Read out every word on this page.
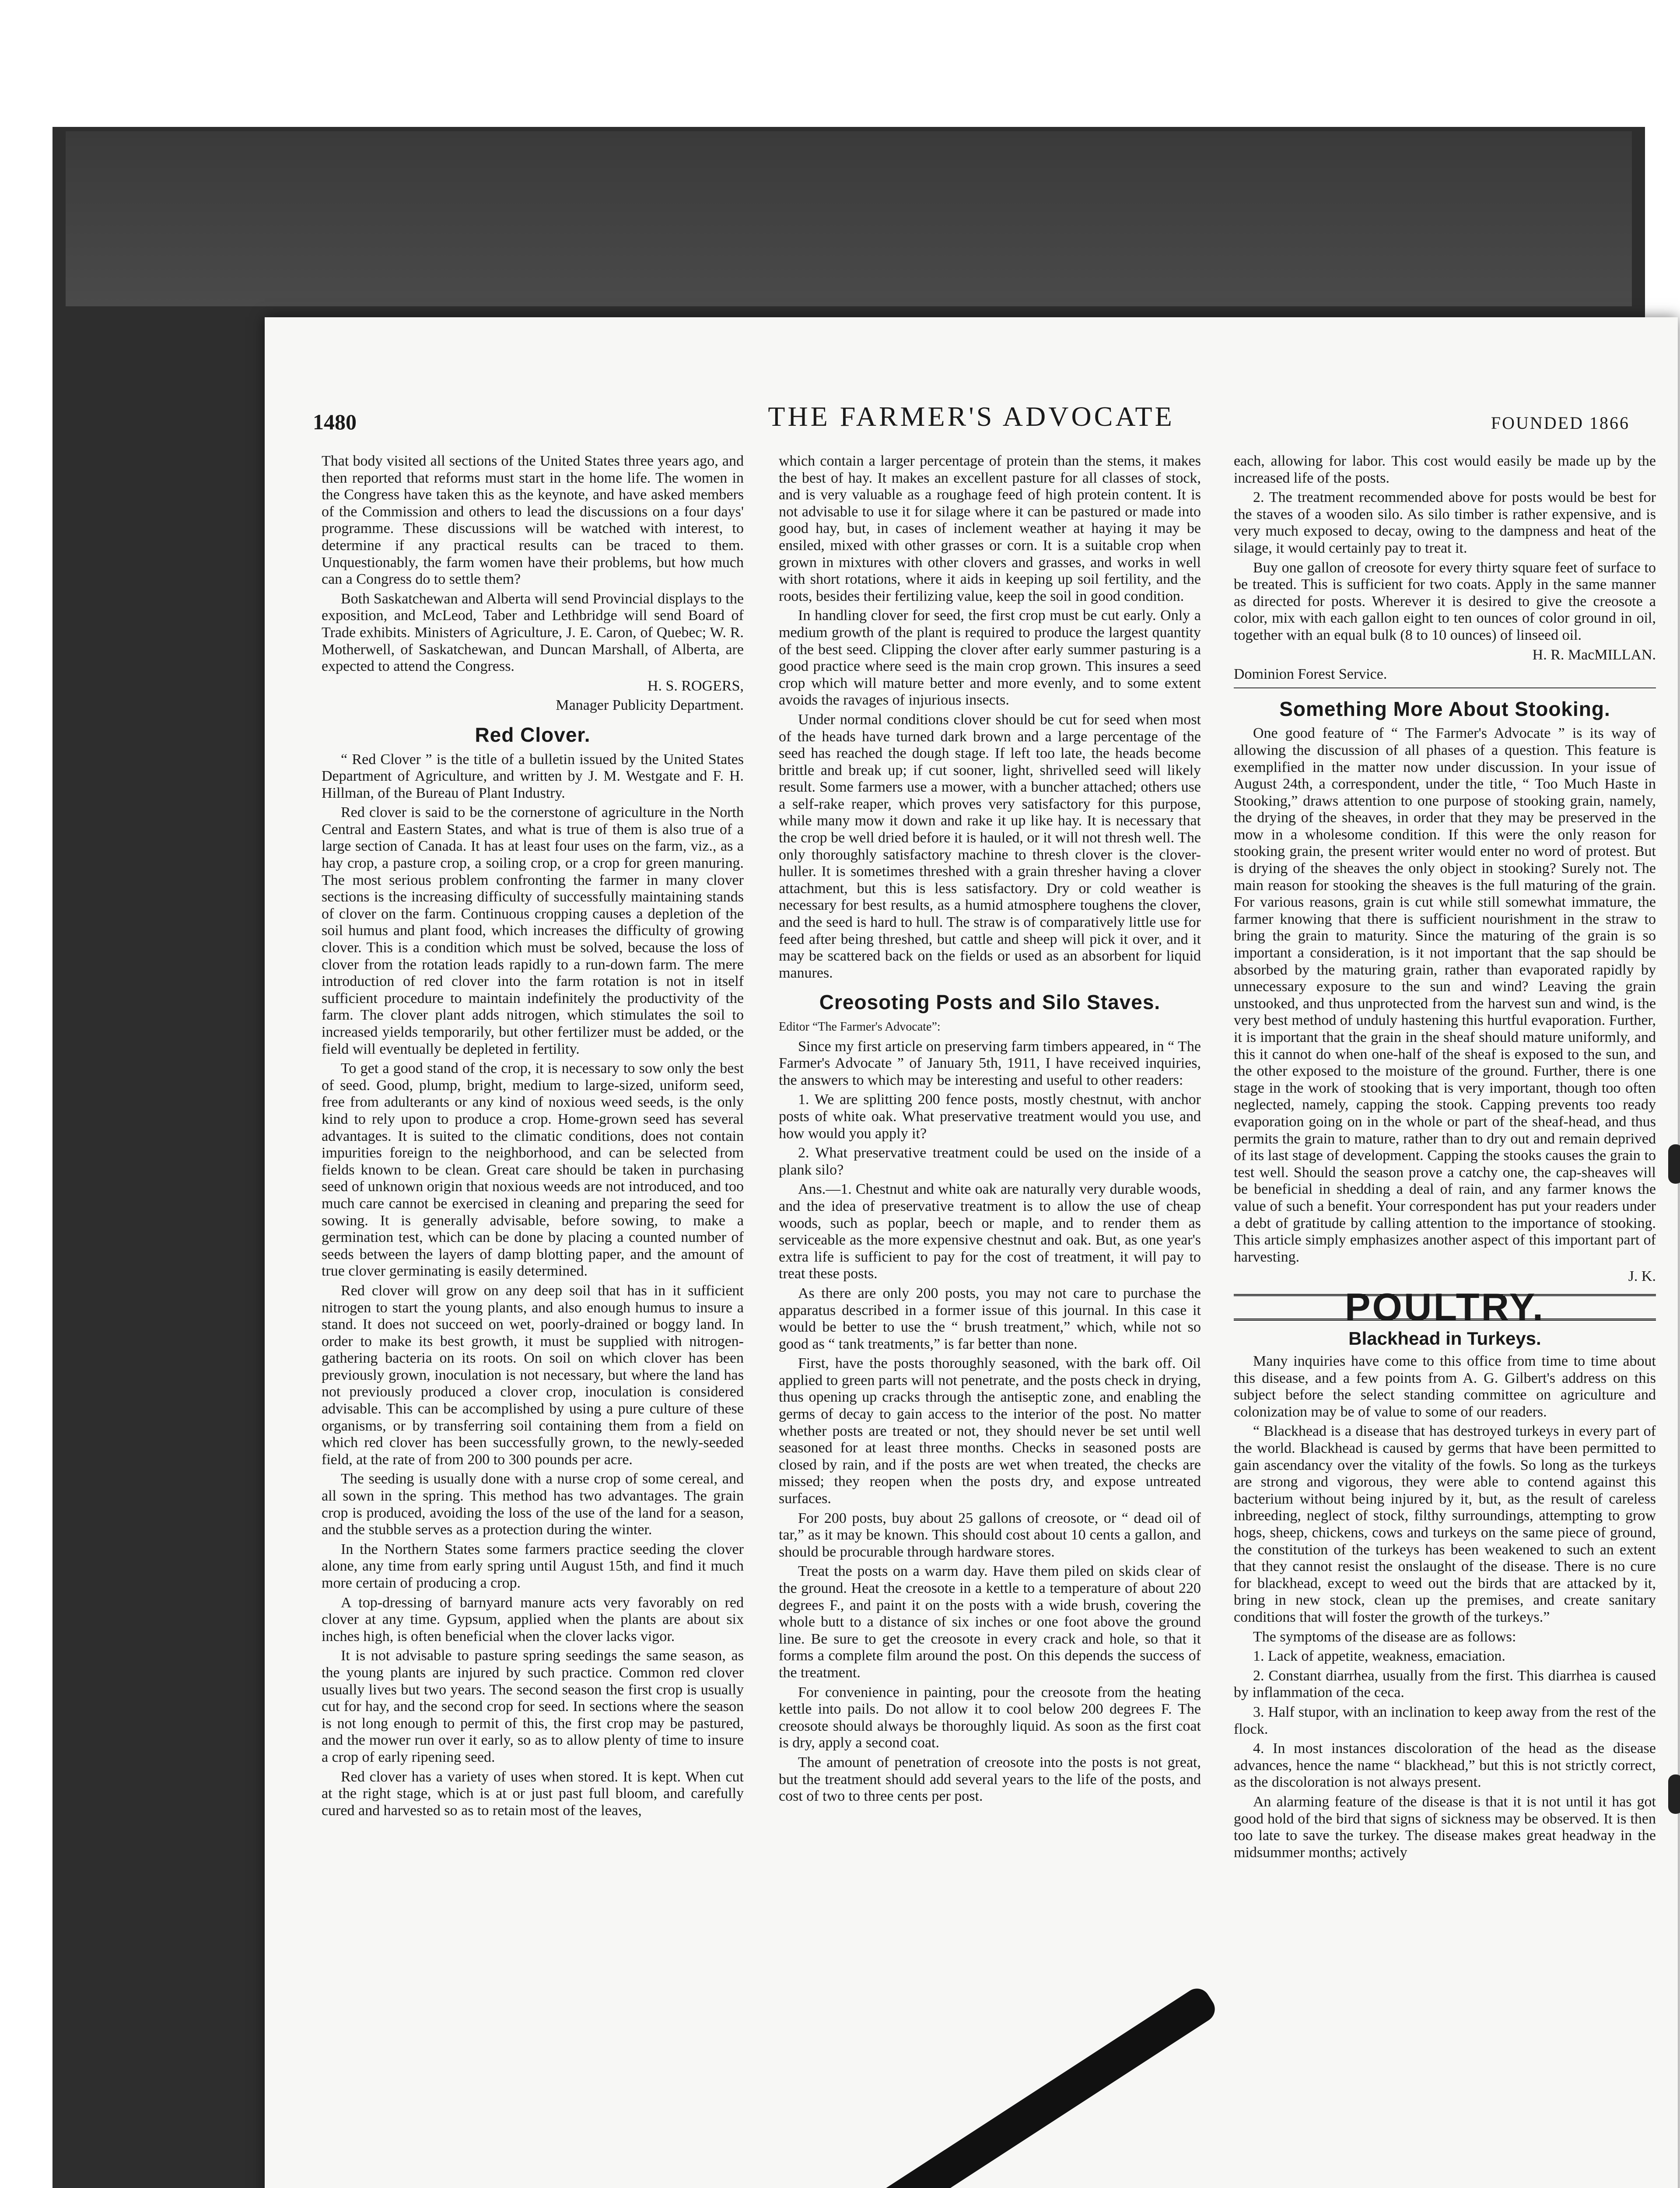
1480	THE FARMER'S ADVOCATE	FOUNDED 1866

That body visited all sections of the United States three years ago, and then reported that reforms must start in the home life. The women in the Congress have taken this as the keynote, and have asked members of the Commission and others to lead the discussions on a four days' programme. These discussions will be watched with interest, to determine if any practical results can be traced to them. Unquestionably, the farm women have their problems, but how much can a Congress do to settle them?

Both Saskatchewan and Alberta will send Provincial displays to the exposition, and McLeod, Taber and Lethbridge will send Board of Trade exhibits. Ministers of Agriculture, J. E. Caron, of Quebec; W. R. Motherwell, of Saskatchewan, and Duncan Marshall, of Alberta, are expected to attend the Congress.

H. S. ROGERS,

Manager Publicity Department.

Red Clover.

“ Red Clover ” is the title of a bulletin issued by the United States Department of Agriculture, and written by J. M. Westgate and F. H. Hillman, of the Bureau of Plant Industry.

Red clover is said to be the cornerstone of agriculture in the North Central and Eastern States, and what is true of them is also true of a large section of Canada. It has at least four uses on the farm, viz., as a hay crop, a pasture crop, a soiling crop, or a crop for green manuring. The most serious problem confronting the farmer in many clover sections is the increasing difficulty of successfully maintaining stands of clover on the farm. Continuous cropping causes a depletion of the soil humus and plant food, which increases the difficulty of growing clover. This is a condition which must be solved, because the loss of clover from the rotation leads rapidly to a run-down farm. The mere introduction of red clover into the farm rotation is not in itself sufficient procedure to maintain indefinitely the productivity of the farm. The clover plant adds nitrogen, which stimulates the soil to increased yields temporarily, but other fertilizer must be added, or the field will eventually be depleted in fertility.

To get a good stand of the crop, it is necessary to sow only the best of seed. Good, plump, bright, medium to large-sized, uniform seed, free from adulterants or any kind of noxious weed seeds, is the only kind to rely upon to produce a crop. Home-grown seed has several advantages. It is suited to the climatic conditions, does not contain impurities foreign to the neighborhood, and can be selected from fields known to be clean. Great care should be taken in purchasing seed of unknown origin that noxious weeds are not introduced, and too much care cannot be exercised in cleaning and preparing the seed for sowing. It is generally advisable, before sowing, to make a germination test, which can be done by placing a counted number of seeds between the layers of damp blotting paper, and the amount of true clover germinating is easily determined.

Red clover will grow on any deep soil that has in it sufficient nitrogen to start the young plants, and also enough humus to insure a stand. It does not succeed on wet, poorly-drained or boggy land. In order to make its best growth, it must be supplied with nitrogen-gathering bacteria on its roots. On soil on which clover has been previously grown, inoculation is not necessary, but where the land has not previously produced a clover crop, inoculation is considered advisable. This can be accomplished by using a pure culture of these organisms, or by transferring soil containing them from a field on which red clover has been successfully grown, to the newly-seeded field, at the rate of from 200 to 300 pounds per acre.

The seeding is usually done with a nurse crop of some cereal, and all sown in the spring. This method has two advantages. The grain crop is produced, avoiding the loss of the use of the land for a season, and the stubble serves as a protection during the winter.

In the Northern States some farmers practice seeding the clover alone, any time from early spring until August 15th, and find it much more certain of producing a crop.

A top-dressing of barnyard manure acts very favorably on red clover at any time. Gypsum, applied when the plants are about six inches high, is often beneficial when the clover lacks vigor.

It is not advisable to pasture spring seedings the same season, as the young plants are injured by such practice. Common red clover usually lives but two years. The second season the first crop is usually cut for hay, and the second crop for seed. In sections where the season is not long enough to permit of this, the first crop may be pastured, and the mower run over it early, so as to allow plenty of time to insure a crop of early ripening seed.

Red clover has a variety of uses when stored. It is kept. When cut at the right stage, which is at or just past full bloom, and carefully cured and harvested so as to retain most of the leaves,

which contain a larger percentage of protein than the stems, it makes the best of hay. It makes an excellent pasture for all classes of stock, and is very valuable as a roughage feed of high protein content. It is not advisable to use it for silage where it can be pastured or made into good hay, but, in cases of inclement weather at haying it may be ensiled, mixed with other grasses or corn. It is a suitable crop when grown in mixtures with other clovers and grasses, and works in well with short rotations, where it aids in keeping up soil fertility, and the roots, besides their fertilizing value, keep the soil in good condition.

In handling clover for seed, the first crop must be cut early. Only a medium growth of the plant is required to produce the largest quantity of the best seed. Clipping the clover after early summer pasturing is a good practice where seed is the main crop grown. This insures a seed crop which will mature better and more evenly, and to some extent avoids the ravages of injurious insects.

Under normal conditions clover should be cut for seed when most of the heads have turned dark brown and a large percentage of the seed has reached the dough stage. If left too late, the heads become brittle and break up; if cut sooner, light, shrivelled seed will likely result. Some farmers use a mower, with a buncher attached; others use a self-rake reaper, which proves very satisfactory for this purpose, while many mow it down and rake it up like hay. It is necessary that the crop be well dried before it is hauled, or it will not thresh well. The only thoroughly satisfactory machine to thresh clover is the clover-huller. It is sometimes threshed with a grain thresher having a clover attachment, but this is less satisfactory. Dry or cold weather is necessary for best results, as a humid atmosphere toughens the clover, and the seed is hard to hull. The straw is of comparatively little use for feed after being threshed, but cattle and sheep will pick it over, and it may be scattered back on the fields or used as an absorbent for liquid manures.

Creosoting Posts and Silo Staves.

Editor “The Farmer's Advocate”:

Since my first article on preserving farm timbers appeared, in “ The Farmer's Advocate ” of January 5th, 1911, I have received inquiries, the answers to which may be interesting and useful to other readers:

1. We are splitting 200 fence posts, mostly chestnut, with anchor posts of white oak. What preservative treatment would you use, and how would you apply it?

2. What preservative treatment could be used on the inside of a plank silo?

Ans.—1. Chestnut and white oak are naturally very durable woods, and the idea of preservative treatment is to allow the use of cheap woods, such as poplar, beech or maple, and to render them as serviceable as the more expensive chestnut and oak. But, as one year's extra life is sufficient to pay for the cost of treatment, it will pay to treat these posts.

As there are only 200 posts, you may not care to purchase the apparatus described in a former issue of this journal. In this case it would be better to use the “ brush treatment,” which, while not so good as “ tank treatments,” is far better than none.

First, have the posts thoroughly seasoned, with the bark off. Oil applied to green parts will not penetrate, and the posts check in drying, thus opening up cracks through the antiseptic zone, and enabling the germs of decay to gain access to the interior of the post. No matter whether posts are treated or not, they should never be set until well seasoned for at least three months. Checks in seasoned posts are closed by rain, and if the posts are wet when treated, the checks are missed; they reopen when the posts dry, and expose untreated surfaces.

For 200 posts, buy about 25 gallons of creosote, or “ dead oil of tar,” as it may be known. This should cost about 10 cents a gallon, and should be procurable through hardware stores.

Treat the posts on a warm day. Have them piled on skids clear of the ground. Heat the creosote in a kettle to a temperature of about 220 degrees F., and paint it on the posts with a wide brush, covering the whole butt to a distance of six inches or one foot above the ground line. Be sure to get the creosote in every crack and hole, so that it forms a complete film around the post. On this depends the success of the treatment.

For convenience in painting, pour the creosote from the heating kettle into pails. Do not allow it to cool below 200 degrees F. The creosote should always be thoroughly liquid. As soon as the first coat is dry, apply a second coat.

The amount of penetration of creosote into the posts is not great, but the treatment should add several years to the life of the posts, and cost of two to three cents per post.

each, allowing for labor. This cost would easily be made up by the increased life of the posts.

2. The treatment recommended above for posts would be best for the staves of a wooden silo. As silo timber is rather expensive, and is very much exposed to decay, owing to the dampness and heat of the silage, it would certainly pay to treat it.

Buy one gallon of creosote for every thirty square feet of surface to be treated. This is sufficient for two coats. Apply in the same manner as directed for posts. Wherever it is desired to give the creosote a color, mix with each gallon eight to ten ounces of color ground in oil, together with an equal bulk (8 to 10 ounces) of linseed oil.

H. R. MacMILLAN.

Dominion Forest Service.

Something More About Stooking.

One good feature of “ The Farmer's Advocate ” is its way of allowing the discussion of all phases of a question. This feature is exemplified in the matter now under discussion. In your issue of August 24th, a correspondent, under the title, “ Too Much Haste in Stooking,” draws attention to one purpose of stooking grain, namely, the drying of the sheaves, in order that they may be preserved in the mow in a wholesome condition. If this were the only reason for stooking grain, the present writer would enter no word of protest. But is drying of the sheaves the only object in stooking? Surely not. The main reason for stooking the sheaves is the full maturing of the grain. For various reasons, grain is cut while still somewhat immature, the farmer knowing that there is sufficient nourishment in the straw to bring the grain to maturity. Since the maturing of the grain is so important a consideration, is it not important that the sap should be absorbed by the maturing grain, rather than evaporated rapidly by unnecessary exposure to the sun and wind? Leaving the grain unstooked, and thus unprotected from the harvest sun and wind, is the very best method of unduly hastening this hurtful evaporation. Further, it is important that the grain in the sheaf should mature uniformly, and this it cannot do when one-half of the sheaf is exposed to the sun, and the other exposed to the moisture of the ground. Further, there is one stage in the work of stooking that is very important, though too often neglected, namely, capping the stook. Capping prevents too ready evaporation going on in the whole or part of the sheaf-head, and thus permits the grain to mature, rather than to dry out and remain deprived of its last stage of development. Capping the stooks causes the grain to test well. Should the season prove a catchy one, the cap-sheaves will be beneficial in shedding a deal of rain, and any farmer knows the value of such a benefit. Your correspondent has put your readers under a debt of gratitude by calling attention to the importance of stooking. This article simply emphasizes another aspect of this important part of harvesting.

J. K.

POULTRY.
Blackhead in Turkeys.

Many inquiries have come to this office from time to time about this disease, and a few points from A. G. Gilbert's address on this subject before the select standing committee on agriculture and colonization may be of value to some of our readers.

“ Blackhead is a disease that has destroyed turkeys in every part of the world. Blackhead is caused by germs that have been permitted to gain ascendancy over the vitality of the fowls. So long as the turkeys are strong and vigorous, they were able to contend against this bacterium without being injured by it, but, as the result of careless inbreeding, neglect of stock, filthy surroundings, attempting to grow hogs, sheep, chickens, cows and turkeys on the same piece of ground, the constitution of the turkeys has been weakened to such an extent that they cannot resist the onslaught of the disease. There is no cure for blackhead, except to weed out the birds that are attacked by it, bring in new stock, clean up the premises, and create sanitary conditions that will foster the growth of the turkeys.”

The symptoms of the disease are as follows:

1. Lack of appetite, weakness, emaciation.

2. Constant diarrhea, usually from the first. This diarrhea is caused by inflammation of the ceca.

3. Half stupor, with an inclination to keep away from the rest of the flock.

4. In most instances discoloration of the head as the disease advances, hence the name “ blackhead,” but this is not strictly correct, as the discoloration is not always present.

An alarming feature of the disease is that it is not until it has got good hold of the bird that signs of sickness may be observed. It is then too late to save the turkey. The disease makes great headway in the midsummer months; actively
